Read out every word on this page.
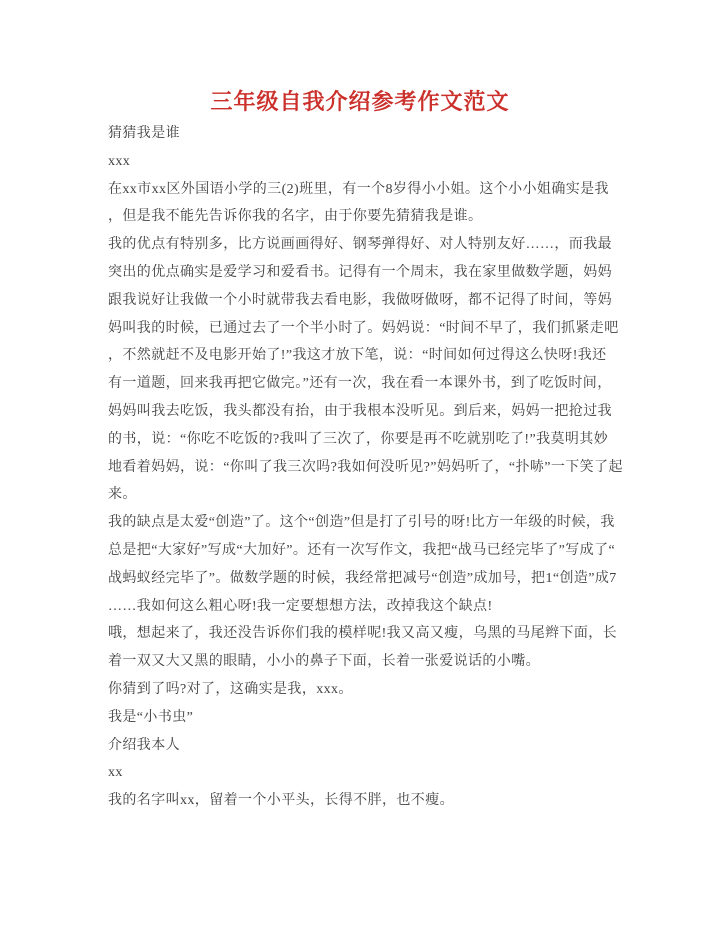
三年级自我介绍参考作文范文
猜猜我是谁
xxx
在xx市xx区外国语小学的三(2)班里，有一个8岁得小小姐。这个小小姐确实是我
，但是我不能先告诉你我的名字，由于你要先猜猜我是谁。
我的优点有特别多，比方说画画得好、钢琴弹得好、对人特别友好……，而我最
突出的优点确实是爱学习和爱看书。记得有一个周末，我在家里做数学题，妈妈
跟我说好让我做一个小时就带我去看电影，我做呀做呀，都不记得了时间，等妈
妈叫我的时候，已通过去了一个半小时了。妈妈说：“时间不早了，我们抓紧走吧
，不然就赶不及电影开始了!”我这才放下笔，说：“时间如何过得这么快呀!我还
有一道题，回来我再把它做完。”还有一次，我在看一本课外书，到了吃饭时间，
妈妈叫我去吃饭，我头都没有抬，由于我根本没听见。到后来，妈妈一把抢过我
的书，说：“你吃不吃饭的?我叫了三次了，你要是再不吃就别吃了!”我莫明其妙
地看着妈妈，说：“你叫了我三次吗?我如何没听见?”妈妈听了，“扑哧”一下笑了起
来。
我的缺点是太爱“创造”了。这个“创造”但是打了引号的呀!比方一年级的时候，我
总是把“大家好”写成“大加好”。还有一次写作文，我把“战马已经完毕了”写成了“
战蚂蚁经完毕了”。做数学题的时候，我经常把减号“创造”成加号，把1“创造”成7
……我如何这么粗心呀!我一定要想想方法，改掉我这个缺点!
哦，想起来了，我还没告诉你们我的模样呢!我又高又瘦，乌黑的马尾辫下面，长
着一双又大又黑的眼睛，小小的鼻子下面，长着一张爱说话的小嘴。
你猜到了吗?对了，这确实是我，xxx。
我是“小书虫”
介绍我本人
xx
我的名字叫xx，留着一个小平头，长得不胖，也不瘦。
